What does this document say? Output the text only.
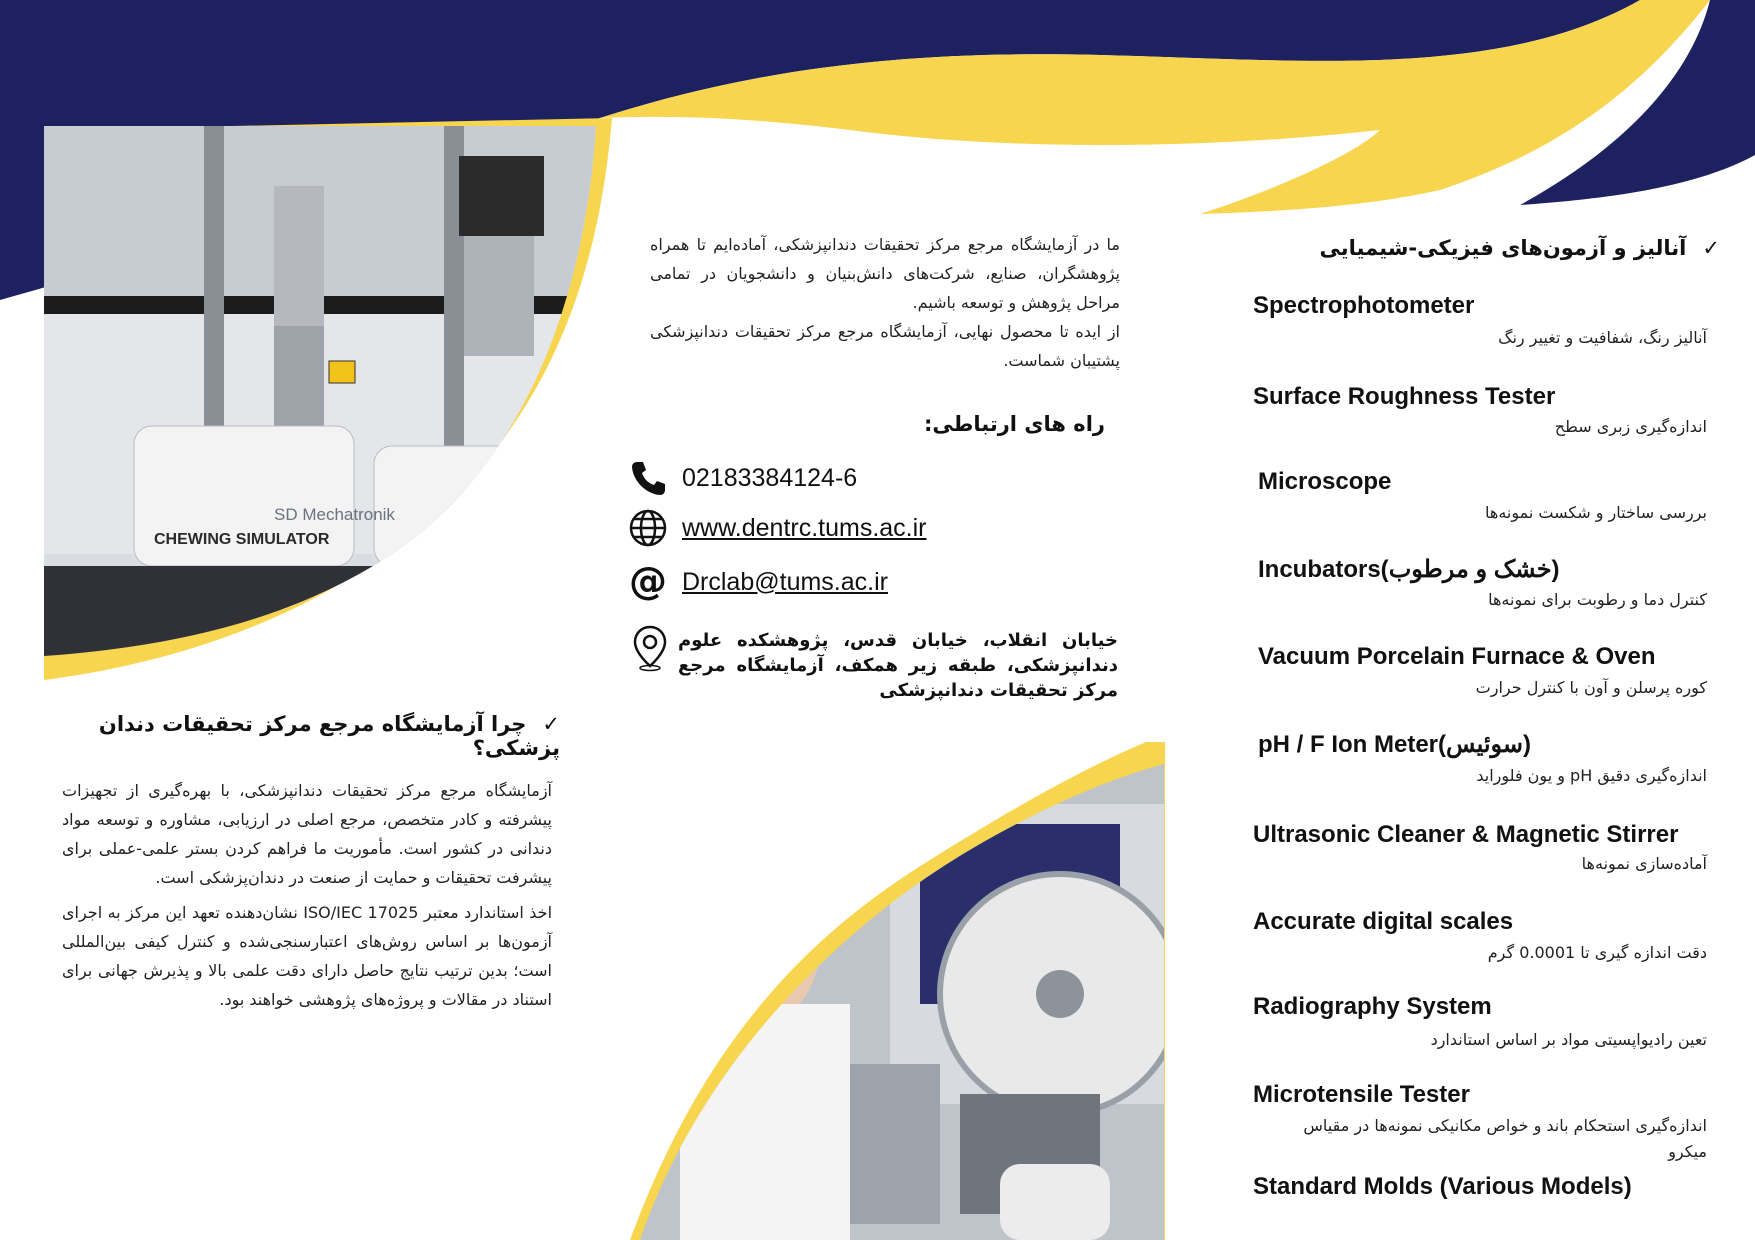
SD Mechatronik
CHEWING SIMULATOR
✓چرا آزمایشگاه مرجع مرکز تحقیقات دندان پزشکی؟

آزمایشگاه مرجع مرکز تحقیقات دندانپزشکی، با بهره‌گیری از تجهیزات پیشرفته و کادر متخصص، مرجع اصلی در ارزیابی، مشاوره و توسعه مواد دندانی در کشور است. مأموریت ما فراهم کردن بستر علمی-عملی برای پیشرفت تحقیقات و حمایت از صنعت در دندان‌پزشکی است.

اخذ استاندارد معتبر ISO/IEC 17025 نشان‌دهنده تعهد این مرکز به اجرای آزمون‌ها بر اساس روش‌های اعتبارسنجی‌شده و کنترل کیفی بین‌المللی است؛ بدین ترتیب نتایج حاصل دارای دقت علمی بالا و پذیرش جهانی برای استناد در مقالات و پروژه‌های پژوهشی خواهند بود.

ما در آزمایشگاه مرجع مرکز تحقیقات دندانپزشکی، آماده‌ایم تا همراه پژوهشگران، صنایع، شرکت‌های دانش‌بنیان و دانشجویان در تمامی مراحل پژوهش و توسعه باشیم.

از ایده تا محصول نهایی، آزمایشگاه مرجع مرکز تحقیقات دندانپزشکی پشتیبان شماست.

راه های ارتباطی:
02183384124-6
www.dentrc.tums.ac.ir
@ Drclab@tums.ac.ir
خیابان انقلاب، خیابان قدس، پژوهشکده علوم دندانپزشکی، طبقه زیر همکف، آزمایشگاه مرجع مرکز تحقیقات دندانپزشکی
✓آنالیز و آزمون‌های فیزیکی-شیمیایی
Spectrophotometer
آنالیز رنگ، شفافیت و تغییر رنگ
Surface Roughness Tester
اندازه‌گیری زبری سطح
Microscope
بررسی ساختار و شکست نمونه‌ها
Incubators(خشک و مرطوب)
کنترل دما و رطوبت برای نمونه‌ها
Vacuum Porcelain Furnace & Oven
کوره پرسلن و آون با کنترل حرارت
pH / F Ion Meter(سوئیس)
اندازه‌گیری دقیق pH و یون فلوراید
Ultrasonic Cleaner & Magnetic Stirrer
آماده‌سازی نمونه‌ها
Accurate digital scales
دقت اندازه گیری تا 0.0001 گرم
Radiography System
تعین رادیواپسیتی مواد بر اساس استاندارد
Microtensile Tester
اندازه‌گیری استحکام باند و خواص مکانیکی نمونه‌ها در مقیاس میکرو
Standard Molds (Various Models)
